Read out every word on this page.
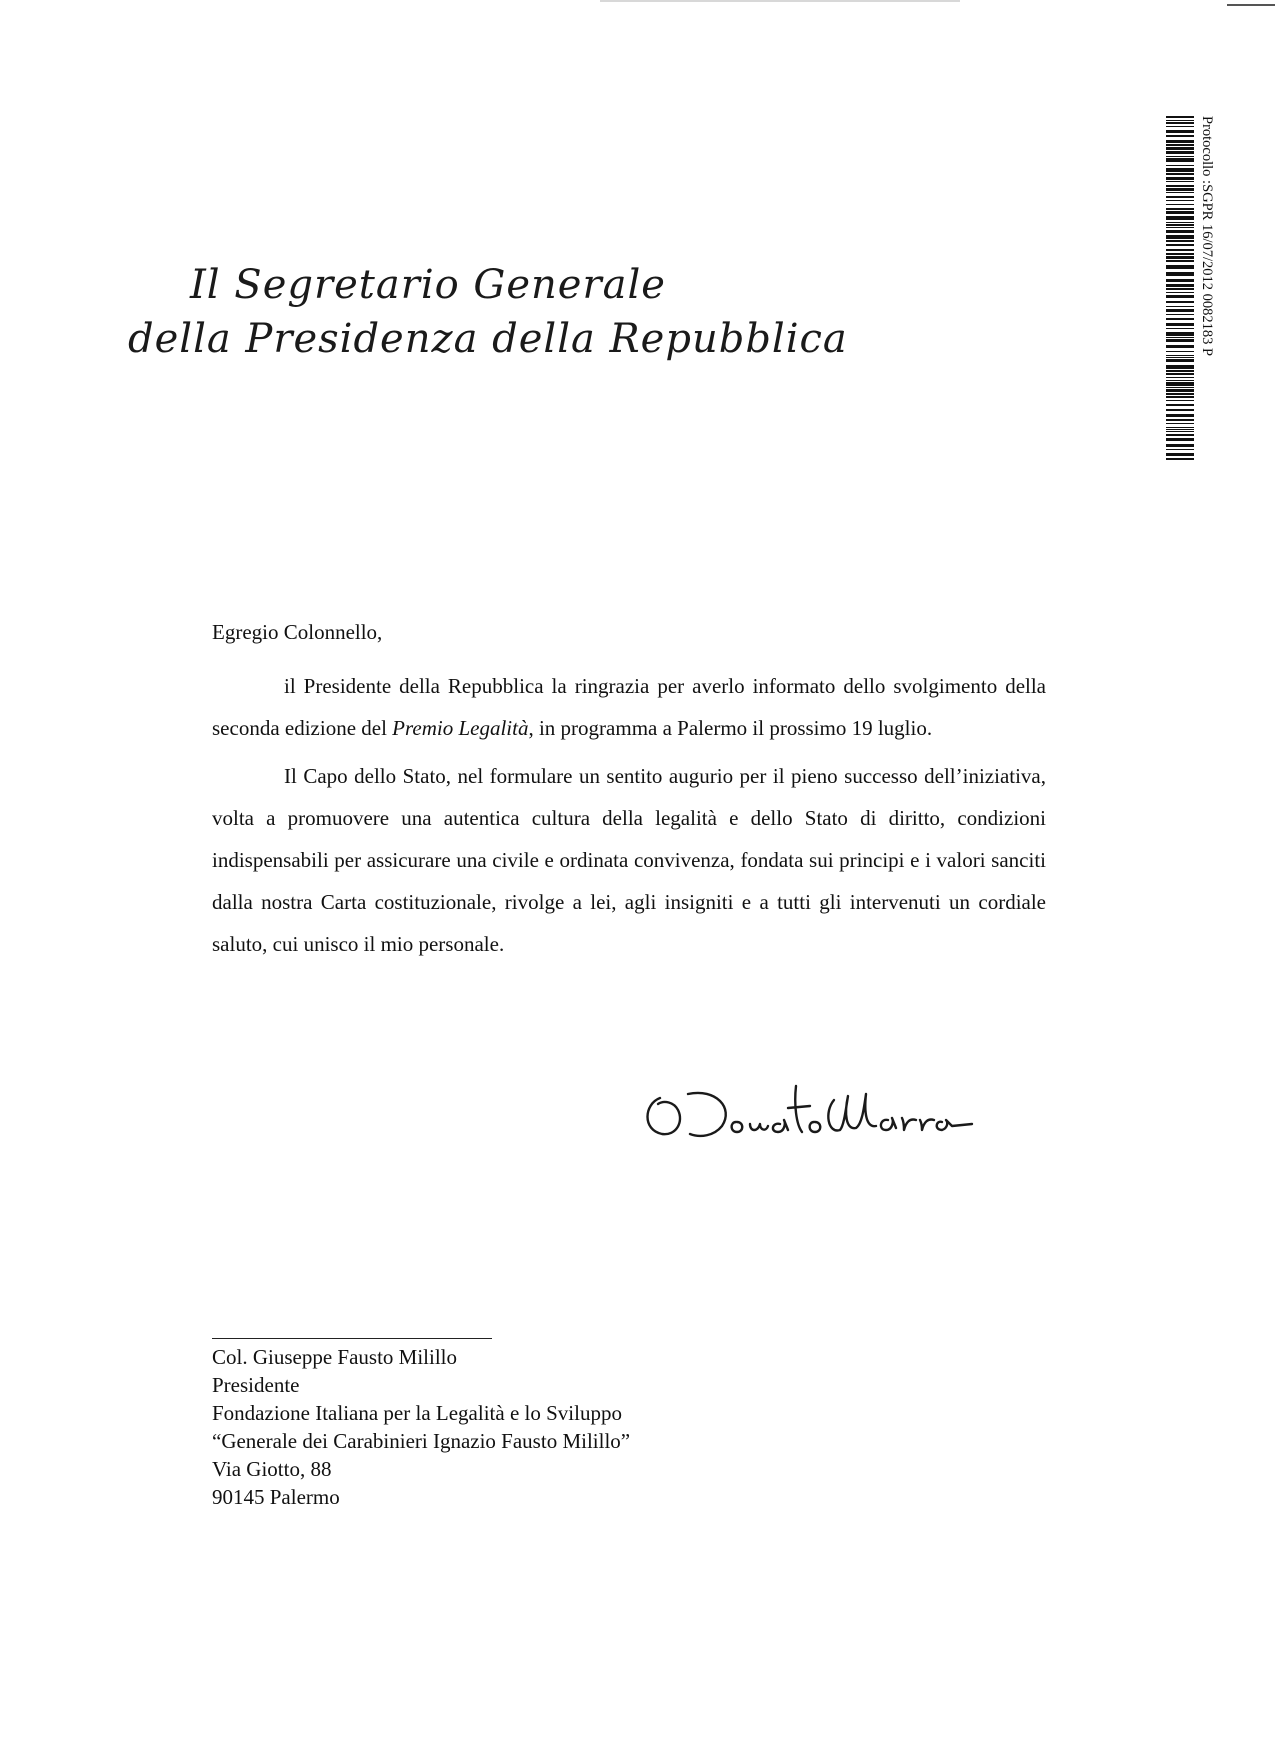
Il Segretario Generale
della Presidenza della Repubblica	Protocollo :SGPR 16/07/2012 0082183 P
Egregio Colonnello,

il Presidente della Repubblica la ringrazia per averlo informato dello svolgimento della seconda edizione del Premio Legalità, in programma a Palermo il prossimo 19 luglio.

Il Capo dello Stato, nel formulare un sentito augurio per il pieno successo dell’iniziativa, volta a promuovere una autentica cultura della legalità e dello Stato di diritto, condizioni indispensabili per assicurare una civile e ordinata convivenza, fondata sui principi e i valori sanciti dalla nostra Carta costituzionale, rivolge a lei, agli insigniti e a tutti gli intervenuti un cordiale saluto, cui unisco il mio personale.

Col. Giuseppe Fausto Milillo
Presidente
Fondazione Italiana per la Legalità e lo Sviluppo
“Generale dei Carabinieri Ignazio Fausto Milillo”
Via Giotto, 88
90145 Palermo
